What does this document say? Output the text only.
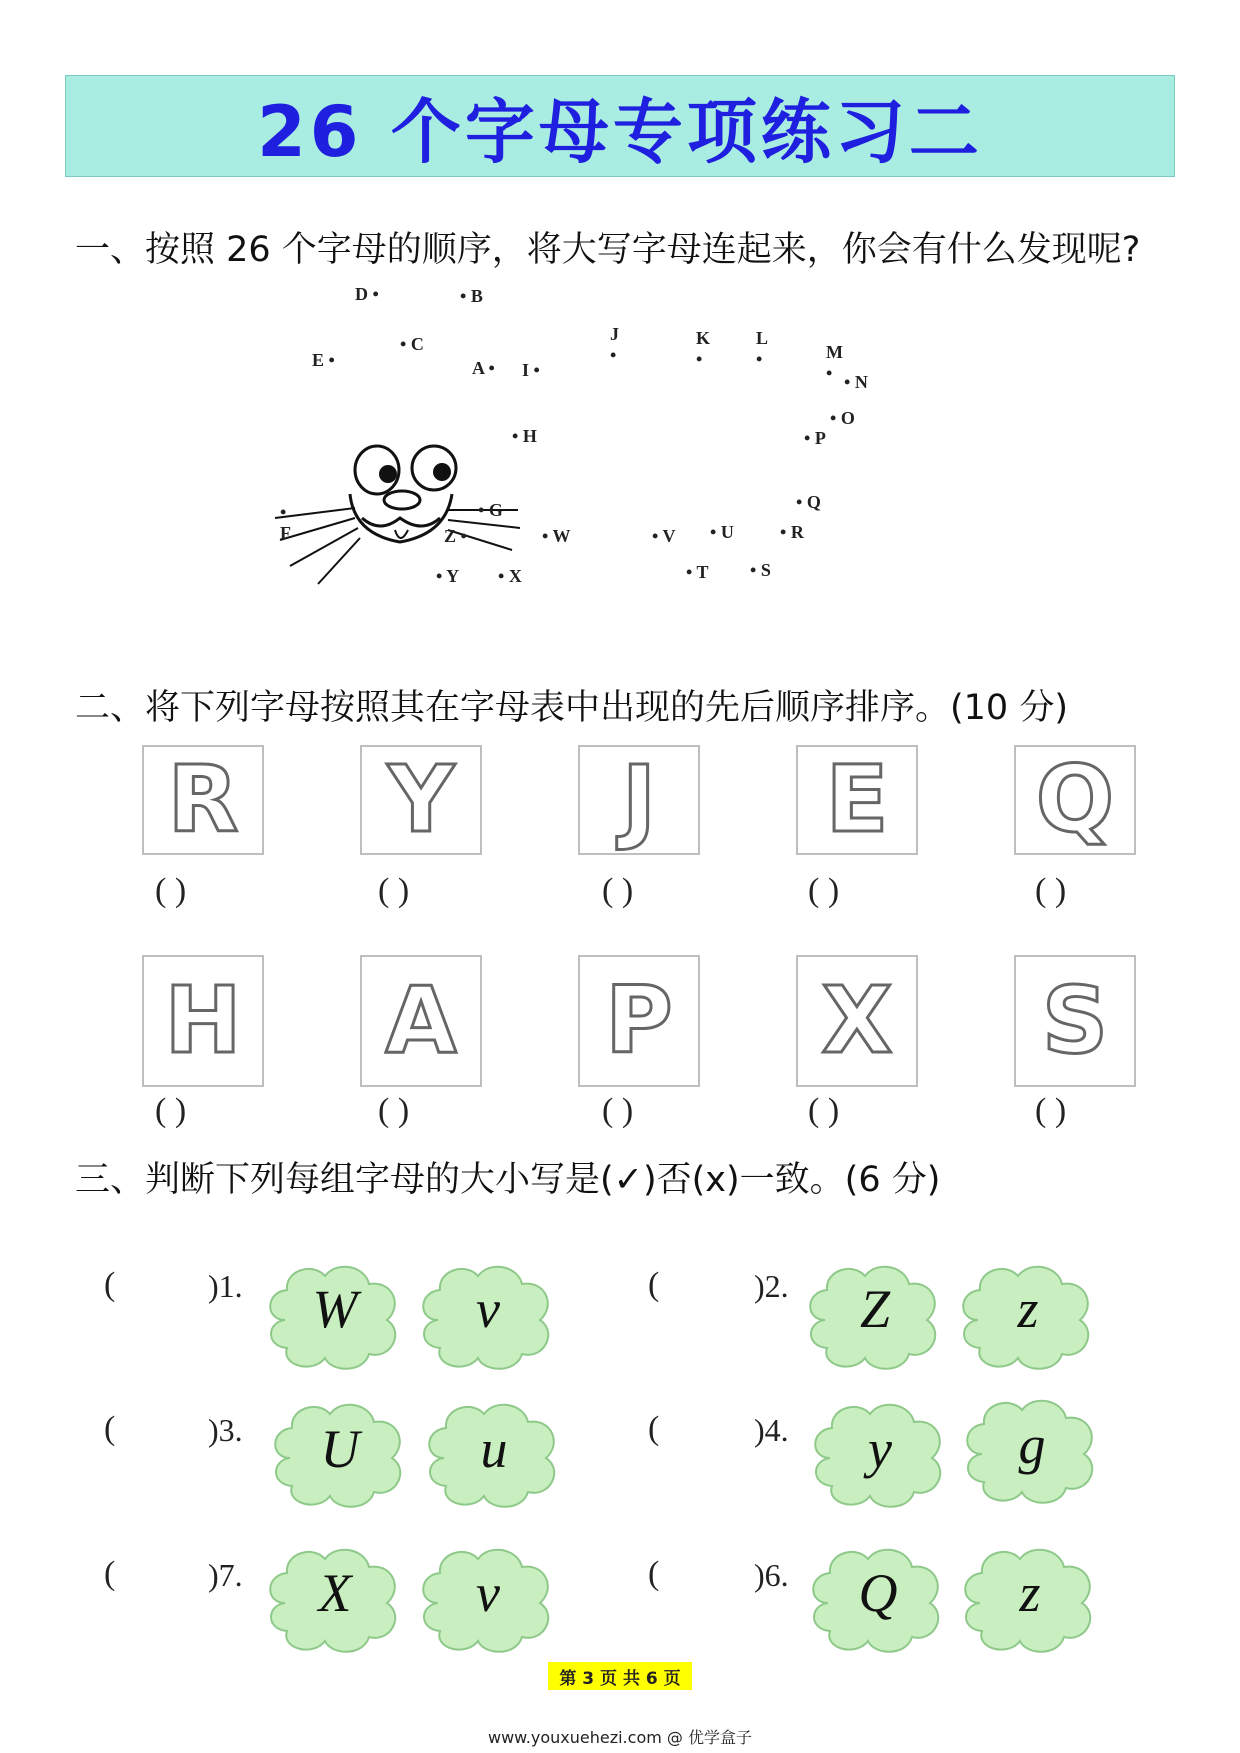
26 个字母专项练习二
一、按照 26 个字母的顺序，将大写字母连起来，你会有什么发现呢?
D •	• B
E •
• C
A • I •
J
•
K
•
L
•	M
• • N
• O
• P
• H
• Q
•
F
• G
Z •	• W	• V • U	• R
• Y • X	• T • S
二、将下列字母按照其在字母表中出现的先后顺序排序。(10 分)
R Y J E Q
( )	( )	( )	( )	( )
H A P X S
( )	( )	( )	( )	( )
三、判断下列每组字母的大小写是(✓)否(x)一致。(6 分)
(	)1.	W	v	(	)2.	Z	z
(	)3.	U	u	(	)4.	y	g
(	)7.	X	v	(	)6.	Q	z
第 3 页 共 6 页
www.youxuehezi.com @ 优学盒子
